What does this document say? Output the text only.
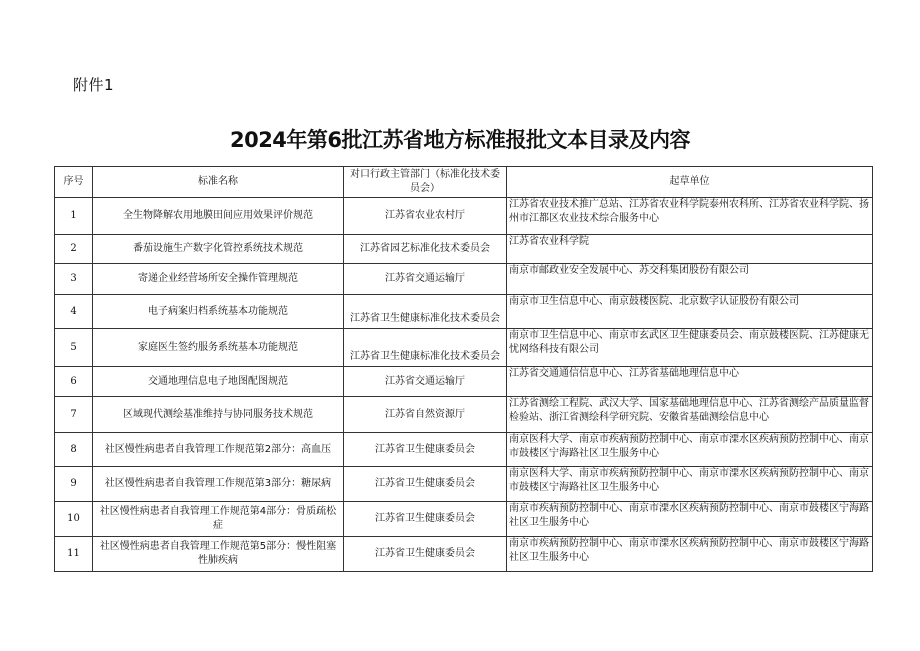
附件1
2024年第6批江苏省地方标准报批文本目录及内容
序号	标准名称	对口行政主管部门（标准化技术委员会）	起草单位
1	全生物降解农用地膜田间应用效果评价规范	江苏省农业农村厅	江苏省农业技术推广总站、江苏省农业科学院泰州农科所、江苏省农业科学院、扬州市江都区农业技术综合服务中心
2	番茄设施生产数字化管控系统技术规范	江苏省园艺标准化技术委员会	江苏省农业科学院
3	寄递企业经营场所安全操作管理规范	江苏省交通运输厅	南京市邮政业安全发展中心、苏交科集团股份有限公司
4	电子病案归档系统基本功能规范	江苏省卫生健康标准化技术委员会	南京市卫生信息中心、南京鼓楼医院、北京数字认证股份有限公司
5	家庭医生签约服务系统基本功能规范	江苏省卫生健康标准化技术委员会	南京市卫生信息中心、南京市玄武区卫生健康委员会、南京鼓楼医院、江苏健康无忧网络科技有限公司
6	交通地理信息电子地图配图规范	江苏省交通运输厅	江苏省交通通信信息中心、江苏省基础地理信息中心
7	区域现代测绘基准维持与协同服务技术规范	江苏省自然资源厅	江苏省测绘工程院、武汉大学、国家基础地理信息中心、江苏省测绘产品质量监督检验站、浙江省测绘科学研究院、安徽省基础测绘信息中心
8	社区慢性病患者自我管理工作规范第2部分：高血压	江苏省卫生健康委员会	南京医科大学、南京市疾病预防控制中心、南京市溧水区疾病预防控制中心、南京市鼓楼区宁海路社区卫生服务中心
9	社区慢性病患者自我管理工作规范第3部分：糖尿病	江苏省卫生健康委员会	南京医科大学、南京市疾病预防控制中心、南京市溧水区疾病预防控制中心、南京市鼓楼区宁海路社区卫生服务中心
10	社区慢性病患者自我管理工作规范第4部分：骨质疏松症	江苏省卫生健康委员会	南京市疾病预防控制中心、南京市溧水区疾病预防控制中心、南京市鼓楼区宁海路社区卫生服务中心
11	社区慢性病患者自我管理工作规范第5部分：慢性阻塞性肺疾病	江苏省卫生健康委员会	南京市疾病预防控制中心、南京市溧水区疾病预防控制中心、南京市鼓楼区宁海路社区卫生服务中心
